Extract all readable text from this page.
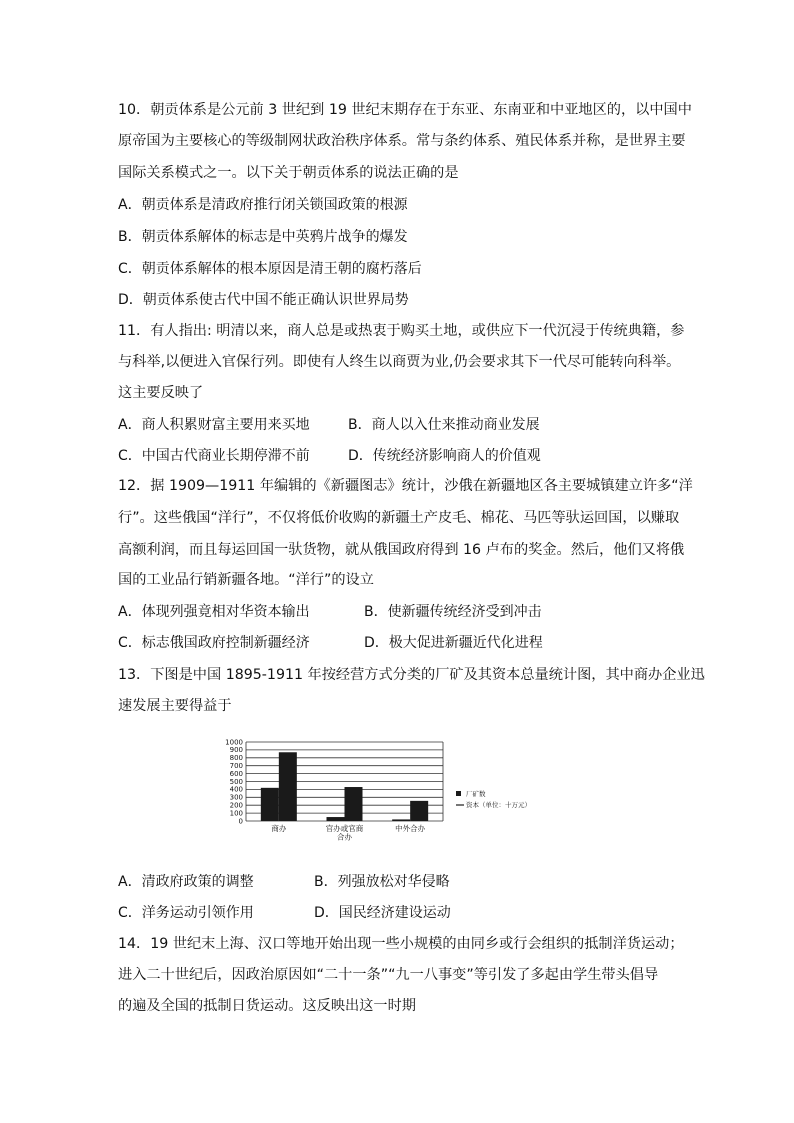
10．朝贡体系是公元前 3 世纪到 19 世纪末期存在于东亚、东南亚和中亚地区的，以中国中
原帝国为主要核心的等级制网状政治秩序体系。常与条约体系、殖民体系并称，是世界主要
国际关系模式之一。以下关于朝贡体系的说法正确的是
A．朝贡体系是清政府推行闭关锁国政策的根源
B．朝贡体系解体的标志是中英鸦片战争的爆发
C．朝贡体系解体的根本原因是清王朝的腐朽落后
D．朝贡体系使古代中国不能正确认识世界局势
11．有人指出: 明清以来，商人总是或热衷于购买土地，或供应下一代沉浸于传统典籍，参
与科举,以便进入官保行列。即使有人终生以商贾为业,仍会要求其下一代尽可能转向科举。
这主要反映了
A．商人积累财富主要用来买地	B．商人以入仕来推动商业发展
C．中国古代商业长期停滞不前	D．传统经济影响商人的价值观
12．据 1909—1911 年编辑的《新疆图志》统计，沙俄在新疆地区各主要城镇建立许多“洋
行”。这些俄国“洋行”，不仅将低价收购的新疆土产皮毛、棉花、马匹等驮运回国，以赚取
高额利润，而且每运回国一驮货物，就从俄国政府得到 16 卢布的奖金。然后，他们又将俄
国的工业品行销新疆各地。“洋行”的设立
A．体现列强竟相对华资本输出	B．使新疆传统经济受到冲击
C．标志俄国政府控制新疆经济	D．极大促进新疆近代化进程
13．下图是中国 1895-1911 年按经营方式分类的厂矿及其资本总量统计图，其中商办企业迅
速发展主要得益于
0
100
200
300
400
500
600
700
800
900
1000
商办	官办或官商
合办
中外合办
厂矿数
资本（单位：十万元）
A．清政府政策的调整	B．列强放松对华侵略
C．洋务运动引领作用	D．国民经济建设运动
14．19 世纪末上海、汉口等地开始出现一些小规模的由同乡或行会组织的抵制洋货运动；
进入二十世纪后，因政治原因如“二十一条”“九一八事变”等引发了多起由学生带头倡导
的遍及全国的抵制日货运动。这反映出这一时期
